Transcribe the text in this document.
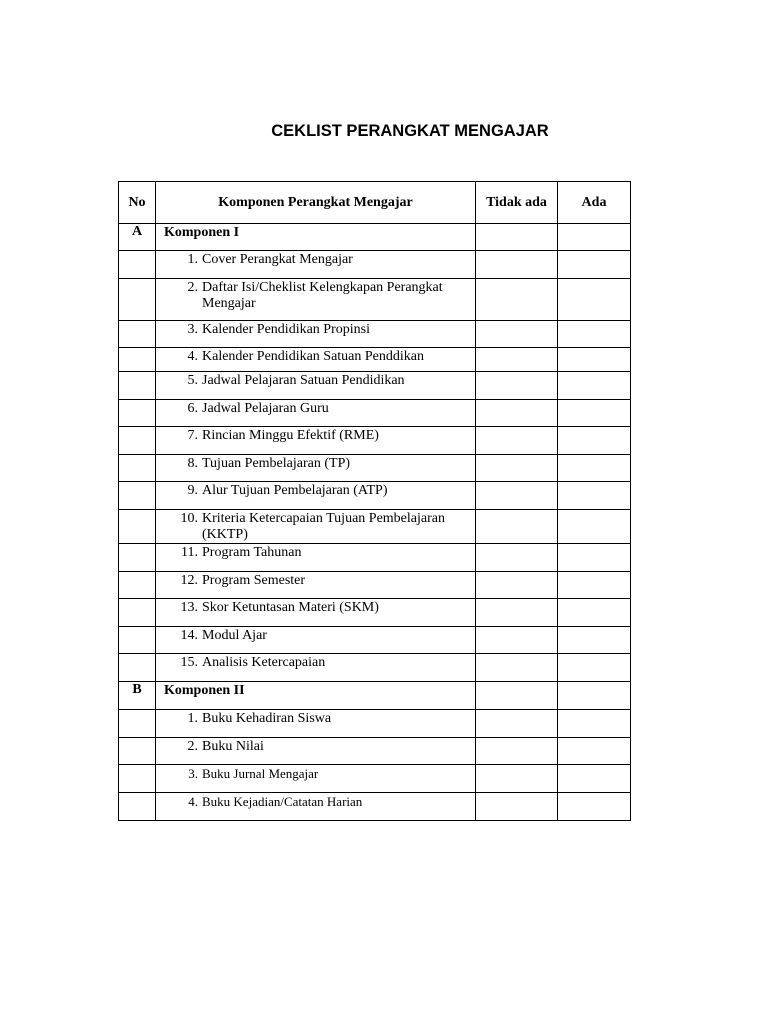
CEKLIST PERANGKAT MENGAJAR
No	Komponen Perangkat Mengajar	Tidak ada	Ada
A	Komponen I		

	1. Cover Perangkat Mengajar		

	2. Daftar Isi/Cheklist Kelengkapan Perangkat Mengajar		

	3. Kalender Pendidikan Propinsi		

	4. Kalender Pendidikan Satuan Penddikan		

	5. Jadwal Pelajaran Satuan Pendidikan		

	6. Jadwal Pelajaran Guru		

	7. Rincian Minggu Efektif (RME)		

	8. Tujuan Pembelajaran (TP)		

	9. Alur Tujuan Pembelajaran (ATP)		

	10. Kriteria Ketercapaian Tujuan Pembelajaran (KKTP)		

	11. Program Tahunan		

	12. Program Semester		

	13. Skor Ketuntasan Materi (SKM)		

	14. Modul Ajar		

	15. Analisis Ketercapaian		

B	Komponen II		

	1. Buku Kehadiran Siswa		

	2. Buku Nilai		

	3. Buku Jurnal Mengajar		

	4. Buku Kejadian/Catatan Harian		
